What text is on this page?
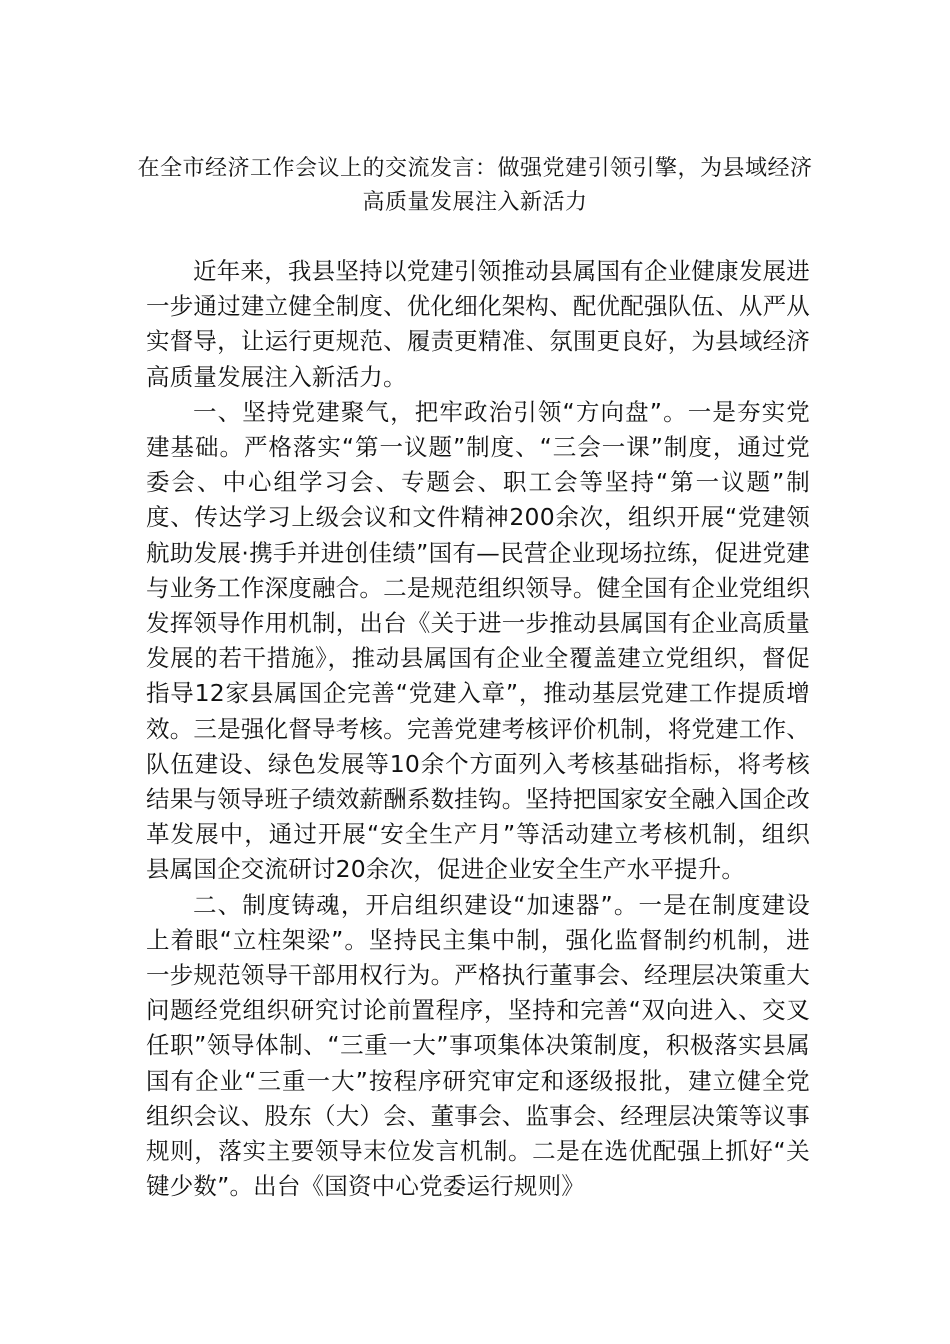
在全市经济工作会议上的交流发言：做强党建引领引擎，为县域经济高质量发展注入新活力

近年来，我县坚持以党建引领推动县属国有企业健康发展进一步通过建立健全制度、优化细化架构、配优配强队伍、从严从实督导，让运行更规范、履责更精准、氛围更良好，为县域经济高质量发展注入新活力。

一、坚持党建聚气，把牢政治引领“方向盘”。一是夯实党建基础。严格落实“第一议题”制度、“三会一课”制度，通过党委会、中心组学习会、专题会、职工会等坚持“第一议题”制度、传达学习上级会议和文件精神200余次，组织开展“党建领航助发展·携手并进创佳绩”国有—民营企业现场拉练，促进党建与业务工作深度融合。二是规范组织领导。健全国有企业党组织发挥领导作用机制，出台《关于进一步推动县属国有企业高质量发展的若干措施》，推动县属国有企业全覆盖建立党组织，督促指导12家县属国企完善“党建入章”，推动基层党建工作提质增效。三是强化督导考核。完善党建考核评价机制，将党建工作、队伍建设、绿色发展等10余个方面列入考核基础指标，将考核结果与领导班子绩效薪酬系数挂钩。坚持把国家安全融入国企改革发展中，通过开展“安全生产月”等活动建立考核机制，组织县属国企交流研讨20余次，促进企业安全生产水平提升。

二、制度铸魂，开启组织建设“加速器”。一是在制度建设上着眼“立柱架梁”。坚持民主集中制，强化监督制约机制，进一步规范领导干部用权行为。严格执行董事会、经理层决策重大问题经党组织研究讨论前置程序，坚持和完善“双向进入、交叉任职”领导体制、“三重一大”事项集体决策制度，积极落实县属国有企业“三重一大”按程序研究审定和逐级报批，建立健全党组织会议、股东（大）会、董事会、监事会、经理层决策等议事规则，落实主要领导末位发言机制。二是在选优配强上抓好“关键少数”。出台《国资中心党委运行规则》
